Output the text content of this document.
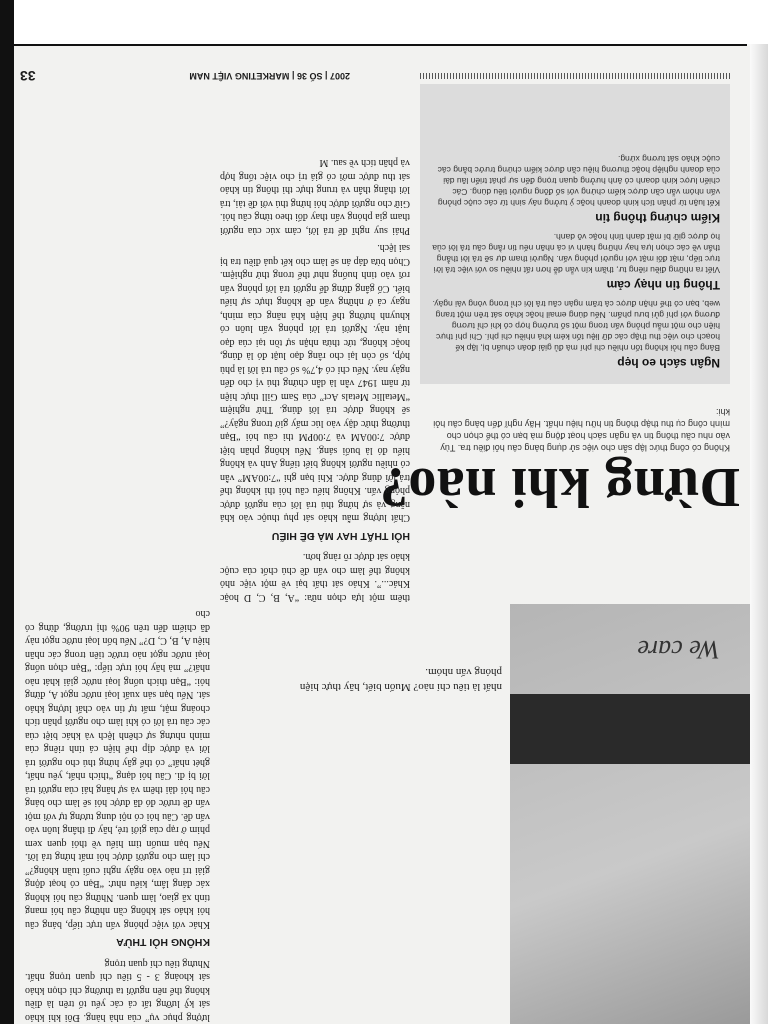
We care
nhất là tiêu chí nào? Muốn biết, hãy thực hiện phỏng vấn nhóm.
Dừng khi nào?
Không có công thức lập sẵn cho việc sử dụng bảng câu hỏi điều tra. Tùy vào nhu cầu thông tin và ngân sách hoạt động mà bạn có thể chọn cho mình công cụ thu thập thông tin hữu hiệu nhất. Hãy nghĩ đến bảng câu hỏi khi:
Ngân sách eo hẹp

Bảng câu hỏi không tốn nhiều chi phí mà đủ giải đoán chuẩn bị, lập kế hoạch cho việc thu thập các dữ liệu tốn kém khá nhiều chi phí. Chi phí thực hiện cho một mẫu phỏng vấn trong một số trường hợp có khi chỉ tương đương với phí gửi bưu phẩm. Nếu dùng email hoặc khảo sát trên một trang web, bạn có thể nhận được cả trăm ngàn câu trả lời chỉ trong vòng vài ngày.

Thông tin nhạy cảm

Viết ra những điều riêng tư, thầm kín vẫn dễ hơn rất nhiều so với việc trả lời trực tiếp, mặt đối mặt với người phỏng vấn. Người tham dự sẽ trả lời thẳng thắn về các chọn lựa hay những hành vi cá nhân nếu tin rằng câu trả lời của họ được giữ bí mật danh tính hoặc vô danh.

Kiểm chứng thông tin

Kết luận từ phân tích kinh doanh hoặc ý tưởng nảy sinh từ các cuộc phỏng vấn nhóm vẫn cần được kiểm chứng với số đông người tiêu dùng. Các chiến lược kinh doanh có ảnh hưởng quan trọng đến sự phát triển lâu dài của doanh nghiệp hoặc thương hiệu cần được kiểm chứng trước bằng các cuộc khảo sát tương xứng.

thêm một lựa chọn nữa: “A, B, C, D hoặc Khác...”. Khảo sát thất bại về một việc nhỏ không thể làm cho vấn đề chủ chốt của cuộc khảo sát được rõ ràng hơn.

HỎI THẤT HAY MÀ ĐỀ HIỂU

Chất lượng mẫu khảo sát phụ thuộc vào khả năng và sự hứng thú trả lời của người được phỏng vấn. Không hiểu câu hỏi thì không thể trả lời đúng được. Khi bạn ghi “7:00AM” vẫn có nhiều người không biết tiếng Anh và không hiểu đó là buổi sáng. Nếu không phân biệt được 7:00AM và 7:00PM thì câu hỏi “Bạn thường thức dậy vào lúc mấy giờ trong ngày?” sẽ không được trả lời đúng. Thử nghiệm “Metallic Metals Act” của Sam Gill thực hiện từ năm 1947 vẫn là dẫn chứng thú vị cho đến ngày nay. Nếu chỉ có 4,7% số câu trả lời là phù hợp, số còn lại cho rằng đạo luật đó là đúng, hoặc không, tức thừa nhận sự tồn tại của đạo luật này. Người trả lời phỏng vấn luôn có khuynh hướng thể hiện khả năng của mình, ngay cả ở những vấn đề không thực sự hiểu biết. Cố gắng đừng để người trả lời phỏng vấn rơi vào tình huống như thế trong thử nghiệm. Chọn bừa đáp án sẽ làm cho kết quả điều tra bị sai lệch.

Phải suy nghĩ để trả lời, cảm xúc của người tham gia phỏng vấn thay đổi theo từng câu hỏi. Giữ cho người được hỏi hứng thú với đề tài, trả lời thẳng thắn và trung thực thì thông tin khảo sát thu được mới có giá trị cho việc tổng hợp và phân tích về sau. M

lượng phục vụ” của nhà hàng. Đôi khi khảo sát kỹ lưỡng tất cả các yếu tố trên là điều không thể nên người ta thường chỉ chọn khảo sát khoảng 3 - 5 tiêu chí quan trọng nhất. Nhưng tiêu chí quan trọng

KHÔNG HỎI THỪA

Khác với việc phỏng vấn trực tiếp, bảng câu hỏi khảo sát không cần những câu hỏi mang tính xã giao, làm quen. Những câu hỏi không xác đáng lắm, kiểu như: “Bạn có hoạt động giải trí nào vào ngày nghỉ cuối tuần không?” chỉ làm cho người được hỏi mất hứng trả lời. Nếu bạn muốn tìm hiểu về thói quen xem phim ở rạp của giới trẻ, hãy đi thẳng luôn vào vấn đề. Câu hỏi có nội dung tương tự với một vấn đề trước đó đã được hỏi sẽ làm cho bảng câu hỏi dài thêm và sự hăng hái của người trả lời bị đi. Câu hỏi dạng “thích nhất, yêu nhất, ghét nhất” có thể gây hứng thú cho người trả lời và được dịp thể hiện cá tính riêng của mình nhưng sự chênh lệch và khác biệt của các câu trả lời có khi làm cho người phân tích choáng mặt, mất tự tin vào chất lượng khảo sát. Nếu bạn sản xuất loại nước ngọt A, đừng hỏi: “Bạn thích uống loại nước giải khát nào nhất?” mà hãy hỏi trực tiếp: “Bạn chọn uống loại nước ngọt nào trước tiên trong các nhãn hiệu A, B, C, D?” Nếu bốn loại nước ngọt này đã chiếm đến trên 90% thị trường, đừng có cho

2007 | SỐ 36 | MARKETING VIỆT NAM
33
